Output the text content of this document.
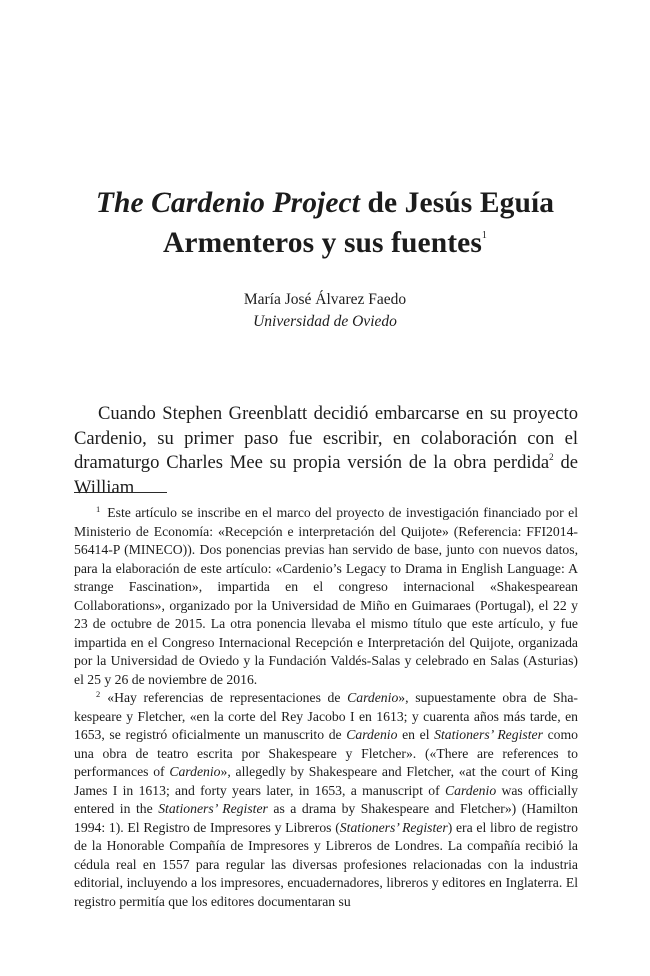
The Cardenio Project de Jesús Eguía
Armenteros y sus fuentes$^1$
María José Álvarez Faedo
Universidad de Oviedo

Cuando Stephen Greenblatt decidió embarcarse en su proyecto Cardenio, su primer paso fue escribir, en colaboración con el dramaturgo Charles Mee su propia versión de la obra perdida$^2$ de William

$^1$ Este artículo se inscribe en el marco del proyecto de investigación financiado por el Ministerio de Economía: «Recepción e interpretación del Quijote» (Referencia: FFI2014-56414-P (MINECO)). Dos ponencias previas han servido de base, junto con nuevos datos, para la elaboración de este artículo: «Cardenio’s Legacy to Drama in English Language: A strange Fascination», impartida en el congreso internacional «Shakespearean Collaborations», organizado por la Universidad de Miño en Guimaraes (Portugal), el 22 y 23 de octubre de 2015. La otra ponencia llevaba el mismo título que este artículo, y fue impartida en el Congreso Internacional Recepción e Interpretación del Quijote, organizada por la Universidad de Oviedo y la Fundación Valdés-Salas y celebrado en Salas (Asturias) el 25 y 26 de noviembre de 2016.

$^2$ «Hay referencias de representaciones de Cardenio», supuestamente obra de Shakespeare y Fletcher, «en la corte del Rey Jacobo I en 1613; y cuarenta años más tarde, en 1653, se registró oficialmente un manuscrito de Cardenio en el Stationers’ Register como una obra de teatro escrita por Shakespeare y Fletcher». («There are references to performances of Cardenio», allegedly by Shakespeare and Fletcher, «at the court of King James I in 1613; and forty years later, in 1653, a manuscript of Cardenio was officially entered in the Stationers’ Register as a drama by Shakespeare and Fletcher») (Hamilton 1994: 1). El Registro de Impresores y Libreros (Stationers’ Register) era el libro de registro de la Honorable Compañía de Impresores y Libreros de Londres. La compañía recibió la cédula real en 1557 para regular las diversas profesiones relacionadas con la industria editorial, incluyendo a los impresores, encuadernadores, libreros y editores en Inglaterra. El registro permitía que los editores documentaran su
